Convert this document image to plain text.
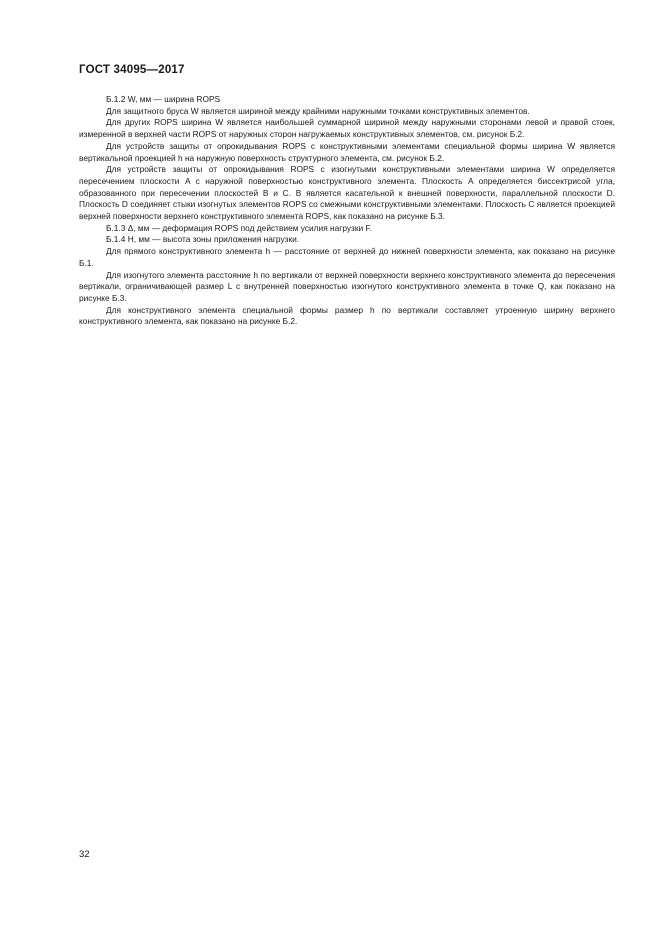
ГОСТ 34095—2017

Б.1.2 W, мм — ширина ROPS

Для защитного бруса W является шириной между крайними наружными точками конструктивных элементов.

Для других ROPS ширина W является наибольшей суммарной шириной между наружными сторонами левой и правой стоек, измеренной в верхней части ROPS от наружных сторон нагружаемых конструктивных элементов, см. рисунок Б.2.

Для устройств защиты от опрокидывания ROPS с конструктивными элементами специальной формы ширина W является вертикальной проекцией h на наружную поверхность структурного элемента, см. рисунок Б.2.

Для устройств защиты от опрокидывания ROPS с изогнутыми конструктивными элементами ширина W определяется пересечением плоскости A с наружной поверхностью конструктивного элемента. Плоскость A определяется биссектрисой угла, образованного при пересечении плоскостей B и C. B является касательной к внешней поверхности, параллельной плоскости D. Плоскость D соединяет стыки изогнутых элементов ROPS со смежными конструктивными элементами. Плоскость C является проекцией верхней поверхности верхнего конструктивного элемента ROPS, как показано на рисунке Б.3.

Б.1.3 Δ, мм — деформация ROPS под действием усилия нагрузки F.

Б.1.4 H, мм — высота зоны приложения нагрузки.

Для прямого конструктивного элемента h — расстояние от верхней до нижней поверхности элемента, как показано на рисунке Б.1.

Для изогнутого элемента расстояние h по вертикали от верхней поверхности верхнего конструктивного элемента до пересечения вертикали, ограничивающей размер L с внутренней поверхностью изогнутого конструктивного элемента в точке Q, как показано на рисунке Б.3.

Для конструктивного элемента специальной формы размер h по вертикали составляет утроенную ширину верхнего конструктивного элемента, как показано на рисунке Б.2.

32
